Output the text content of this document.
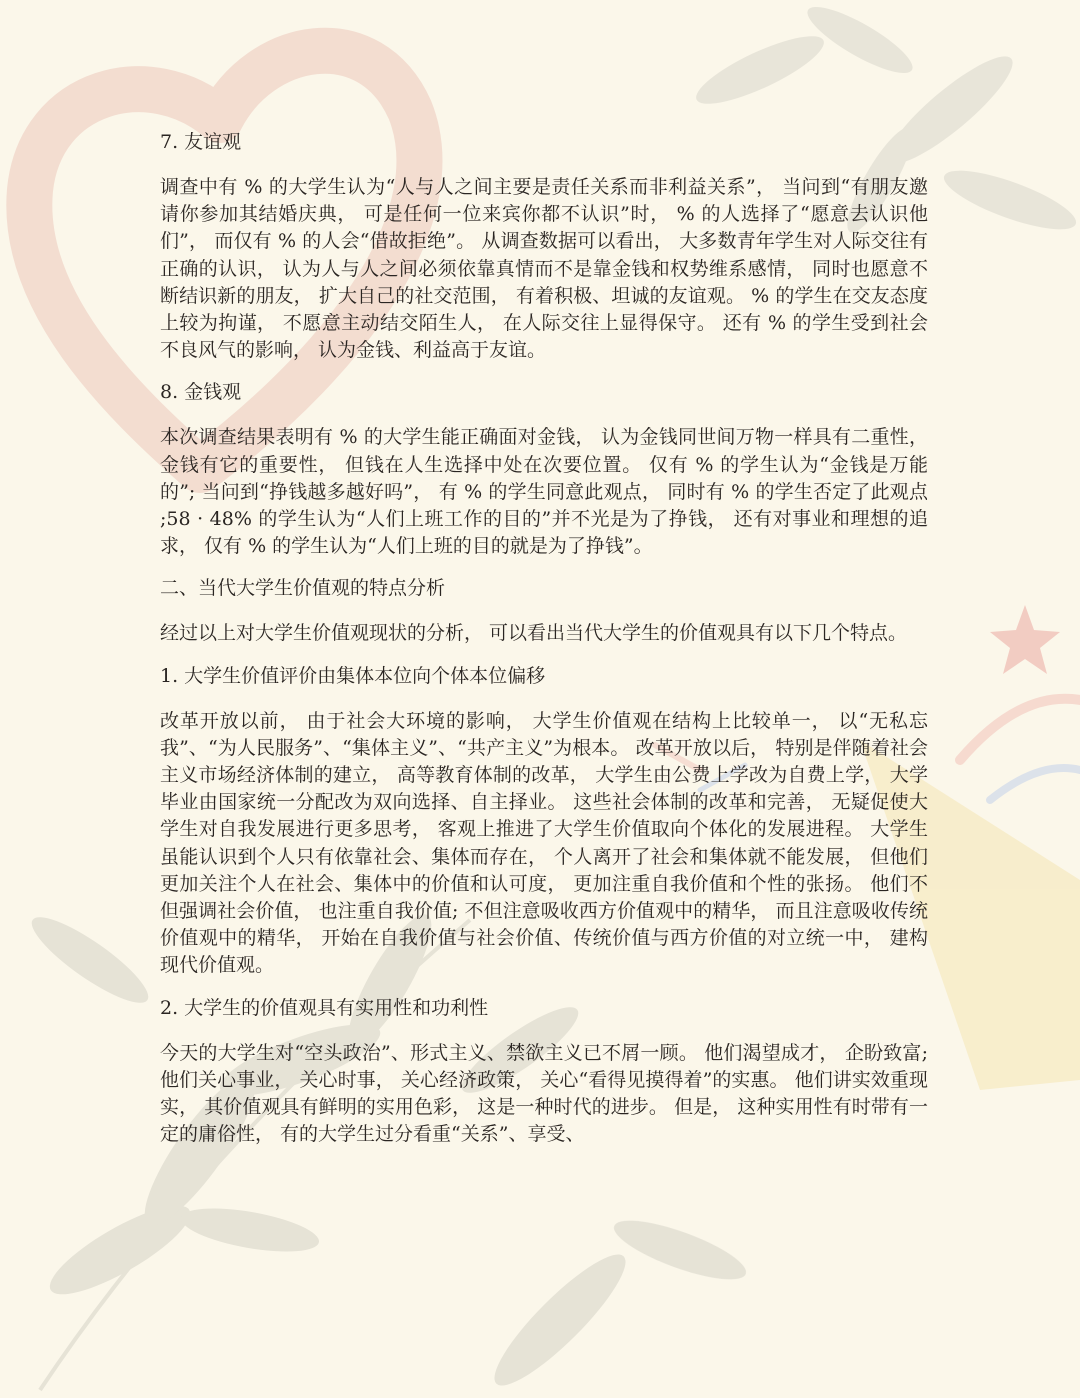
7. 友谊观

调查中有 % 的大学生认为“人与人之间主要是责任关系而非利益关系”， 当问到“有朋友邀请你参加其结婚庆典， 可是任何一位来宾你都不认识”时， % 的人选择了“愿意去认识他们”， 而仅有 % 的人会“借故拒绝”。 从调查数据可以看出， 大多数青年学生对人际交往有正确的认识， 认为人与人之间必须依靠真情而不是靠金钱和权势维系感情， 同时也愿意不断结识新的朋友， 扩大自己的社交范围， 有着积极、坦诚的友谊观。 % 的学生在交友态度上较为拘谨， 不愿意主动结交陌生人， 在人际交往上显得保守。 还有 % 的学生受到社会不良风气的影响， 认为金钱、利益高于友谊。

8. 金钱观

本次调查结果表明有 % 的大学生能正确面对金钱， 认为金钱同世间万物一样具有二重性， 金钱有它的重要性， 但钱在人生选择中处在次要位置。 仅有 % 的学生认为“金钱是万能的”; 当问到“挣钱越多越好吗”， 有 % 的学生同意此观点， 同时有 % 的学生否定了此观点 ;58 · 48% 的学生认为“人们上班工作的目的”并不光是为了挣钱， 还有对事业和理想的追求， 仅有 % 的学生认为“人们上班的目的就是为了挣钱”。

二、当代大学生价值观的特点分析

经过以上对大学生价值观现状的分析， 可以看出当代大学生的价值观具有以下几个特点。

1. 大学生价值评价由集体本位向个体本位偏移

改革开放以前， 由于社会大环境的影响， 大学生价值观在结构上比较单一， 以“无私忘我”、“为人民服务”、“集体主义”、“共产主义”为根本。 改革开放以后， 特别是伴随着社会主义市场经济体制的建立， 高等教育体制的改革， 大学生由公费上学改为自费上学， 大学毕业由国家统一分配改为双向选择、自主择业。 这些社会体制的改革和完善， 无疑促使大学生对自我发展进行更多思考， 客观上推进了大学生价值取向个体化的发展进程。 大学生虽能认识到个人只有依靠社会、集体而存在， 个人离开了社会和集体就不能发展， 但他们更加关注个人在社会、集体中的价值和认可度， 更加注重自我价值和个性的张扬。 他们不但强调社会价值， 也注重自我价值; 不但注意吸收西方价值观中的精华， 而且注意吸收传统价值观中的精华， 开始在自我价值与社会价值、传统价值与西方价值的对立统一中， 建构现代价值观。

2. 大学生的价值观具有实用性和功利性

今天的大学生对“空头政治”、形式主义、禁欲主义已不屑一顾。 他们渴望成才， 企盼致富; 他们关心事业， 关心时事， 关心经济政策， 关心“看得见摸得着”的实惠。 他们讲实效重现实， 其价值观具有鲜明的实用色彩， 这是一种时代的进步。 但是， 这种实用性有时带有一定的庸俗性， 有的大学生过分看重“关系”、享受、
